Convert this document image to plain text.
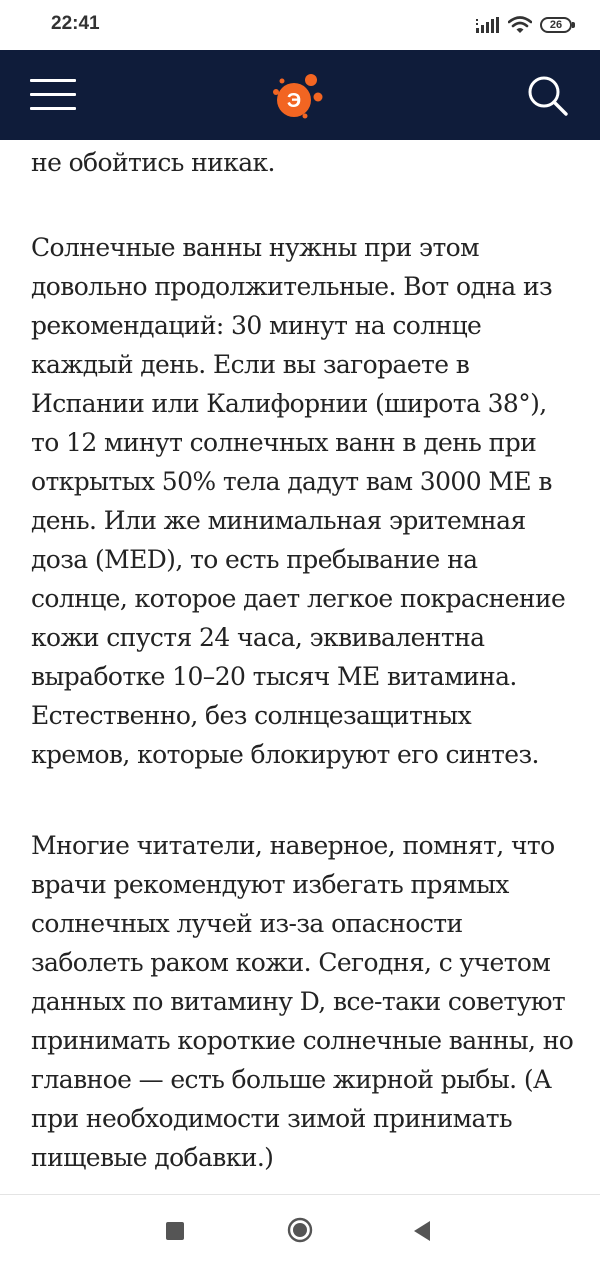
22:41	26
Э

не обойтись никак.

Солнечные ванны нужны при этом довольно продолжительные. Вот одна из рекомендаций: 30 минут на солнце каждый день. Если вы загораете в Испании или Калифорнии (широта 38°), то 12 минут солнечных ванн в день при открытых 50% тела дадут вам 3000 МЕ в день. Или же минимальная эритемная доза (MED), то есть пребывание на солнце, которое дает легкое покраснение кожи спустя 24 часа, эквивалентна выработке 10–20 тысяч МЕ витамина. Естественно, без солнцезащитных кремов, которые блокируют его синтез.

Многие читатели, наверное, помнят, что врачи рекомендуют избегать прямых солнечных лучей из-за опасности заболеть раком кожи. Сегодня, с учетом данных по витамину D, все-таки советуют принимать короткие солнечные ванны, но главное — есть больше жирной рыбы. (А при необходимости зимой принимать пищевые добавки.)
